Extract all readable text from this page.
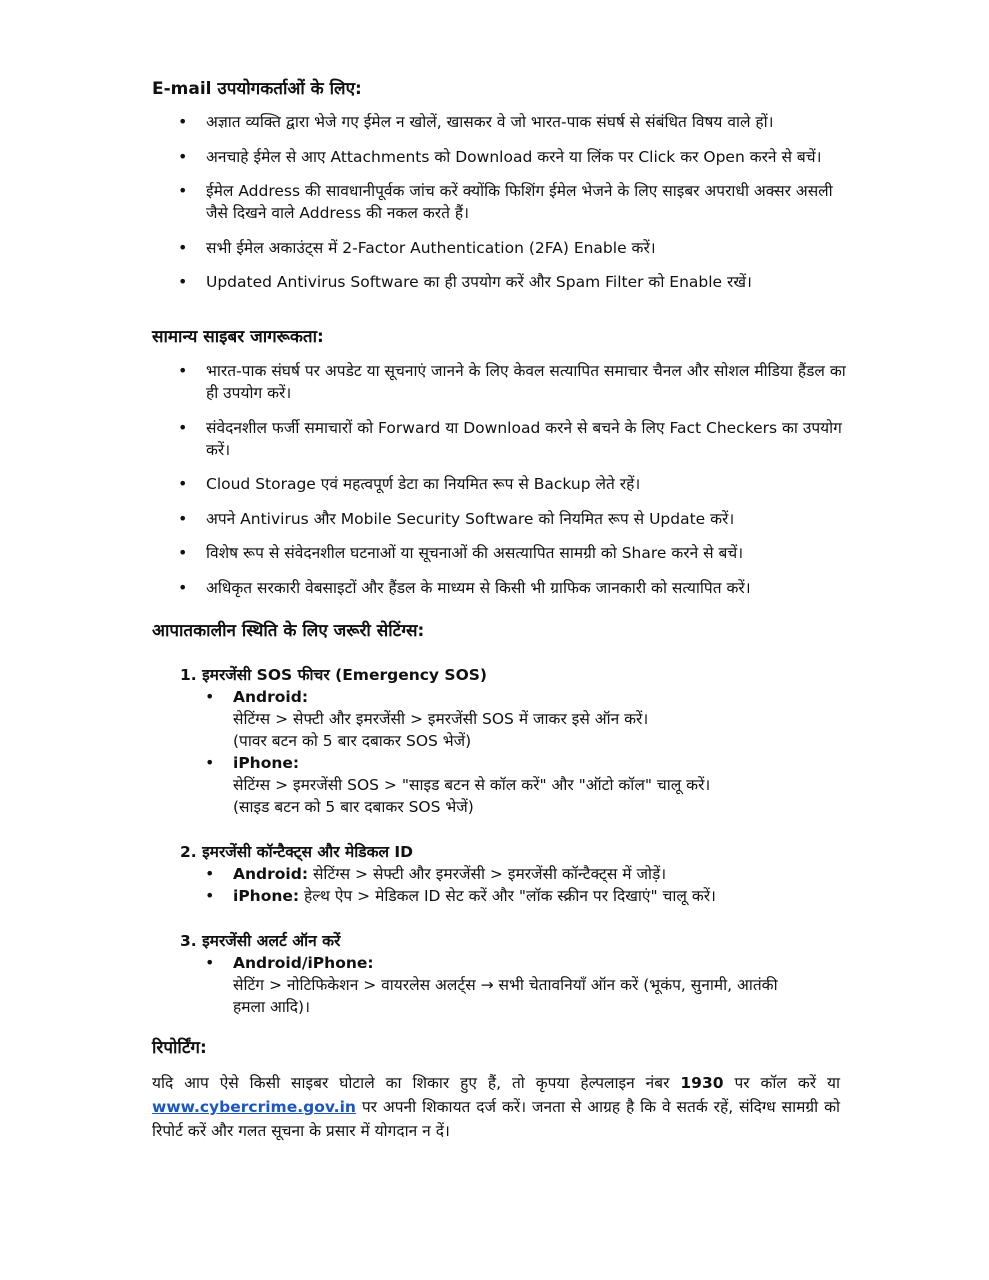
E-mail उपयोगकर्ताओं के लिए:
• अज्ञात व्यक्ति द्वारा भेजे गए ईमेल न खोलें, खासकर वे जो भारत-पाक संघर्ष से संबंधित विषय वाले हों।
• अनचाहे ईमेल से आए Attachments को Download करने या लिंक पर Click कर Open करने से बचें।
• ईमेल Address की सावधानीपूर्वक जांच करें क्योंकि फिशिंग ईमेल भेजने के लिए साइबर अपराधी अक्सर असली जैसे दिखने वाले Address की नकल करते हैं।
• सभी ईमेल अकाउंट्स में 2-Factor Authentication (2FA) Enable करें।
• Updated Antivirus Software का ही उपयोग करें और Spam Filter को Enable रखें।
सामान्य साइबर जागरूकता:
• भारत-पाक संघर्ष पर अपडेट या सूचनाएं जानने के लिए केवल सत्यापित समाचार चैनल और सोशल मीडिया हैंडल का ही उपयोग करें।
• संवेदनशील फर्जी समाचारों को Forward या Download करने से बचने के लिए Fact Checkers का उपयोग करें।
• Cloud Storage एवं महत्वपूर्ण डेटा का नियमित रूप से Backup लेते रहें।
• अपने Antivirus और Mobile Security Software को नियमित रूप से Update करें।
• विशेष रूप से संवेदनशील घटनाओं या सूचनाओं की असत्यापित सामग्री को Share करने से बचें।
• अधिकृत सरकारी वेबसाइटों और हैंडल के माध्यम से किसी भी ग्राफिक जानकारी को सत्यापित करें।
आपातकालीन स्थिति के लिए जरूरी सेटिंग्स:
1. इमरजेंसी SOS फीचर (Emergency SOS)
• Android:
सेटिंग्स > सेफ्टी और इमरजेंसी > इमरजेंसी SOS में जाकर इसे ऑन करें।
(पावर बटन को 5 बार दबाकर SOS भेजें)
• iPhone:
सेटिंग्स > इमरजेंसी SOS > "साइड बटन से कॉल करें" और "ऑटो कॉल" चालू करें।
(साइड बटन को 5 बार दबाकर SOS भेजें)
2. इमरजेंसी कॉन्टैक्ट्स और मेडिकल ID
• Android: सेटिंग्स > सेफ्टी और इमरजेंसी > इमरजेंसी कॉन्टैक्ट्स में जोड़ें।
• iPhone: हेल्थ ऐप > मेडिकल ID सेट करें और "लॉक स्क्रीन पर दिखाएं" चालू करें।
3. इमरजेंसी अलर्ट ऑन करें
• Android/iPhone:
सेटिंग > नोटिफिकेशन > वायरलेस अलर्ट्स → सभी चेतावनियाँ ऑन करें (भूकंप, सुनामी, आतंकी
हमला आदि)।
रिपोर्टिंग:

यदि आप ऐसे किसी साइबर घोटाले का शिकार हुए हैं, तो कृपया हेल्पलाइन नंबर 1930 पर कॉल करें या www.cybercrime.gov.in पर अपनी शिकायत दर्ज करें। जनता से आग्रह है कि वे सतर्क रहें, संदिग्ध सामग्री को रिपोर्ट करें और गलत सूचना के प्रसार में योगदान न दें।
